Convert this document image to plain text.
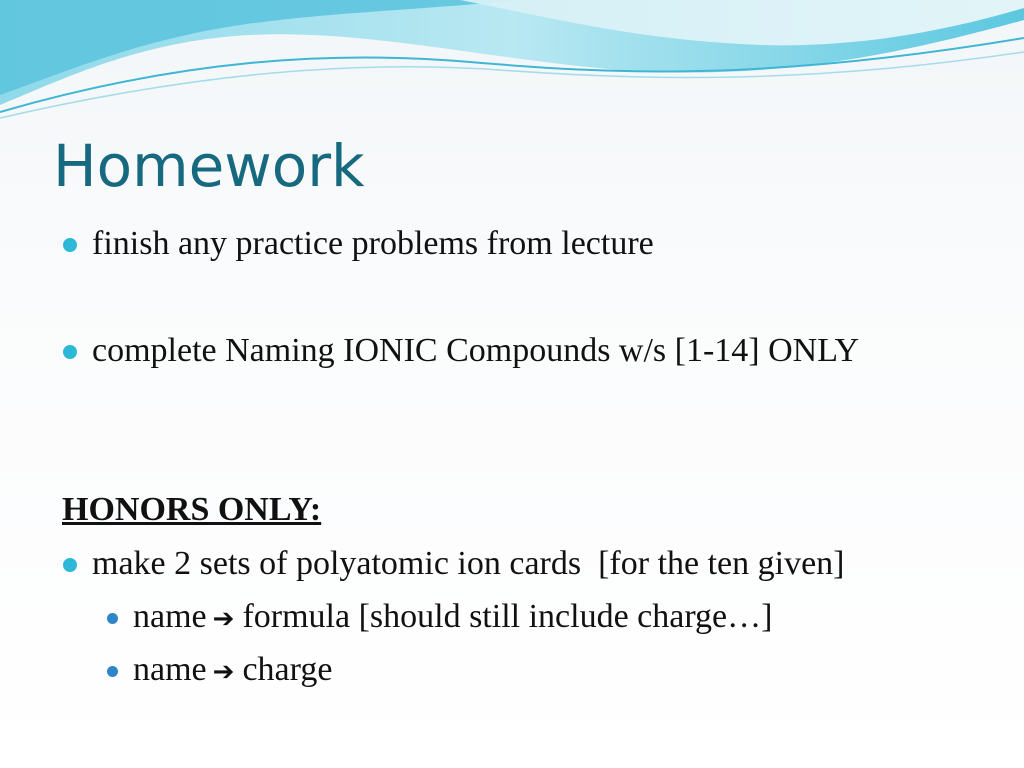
Homework
finish any practice problems from lecture
complete Naming IONIC Compounds w/s [1-14] ONLY
HONORS ONLY:
make 2 sets of polyatomic ion cards  [for the ten given]
name ➔ formula [should still include charge…]
name ➔ charge
